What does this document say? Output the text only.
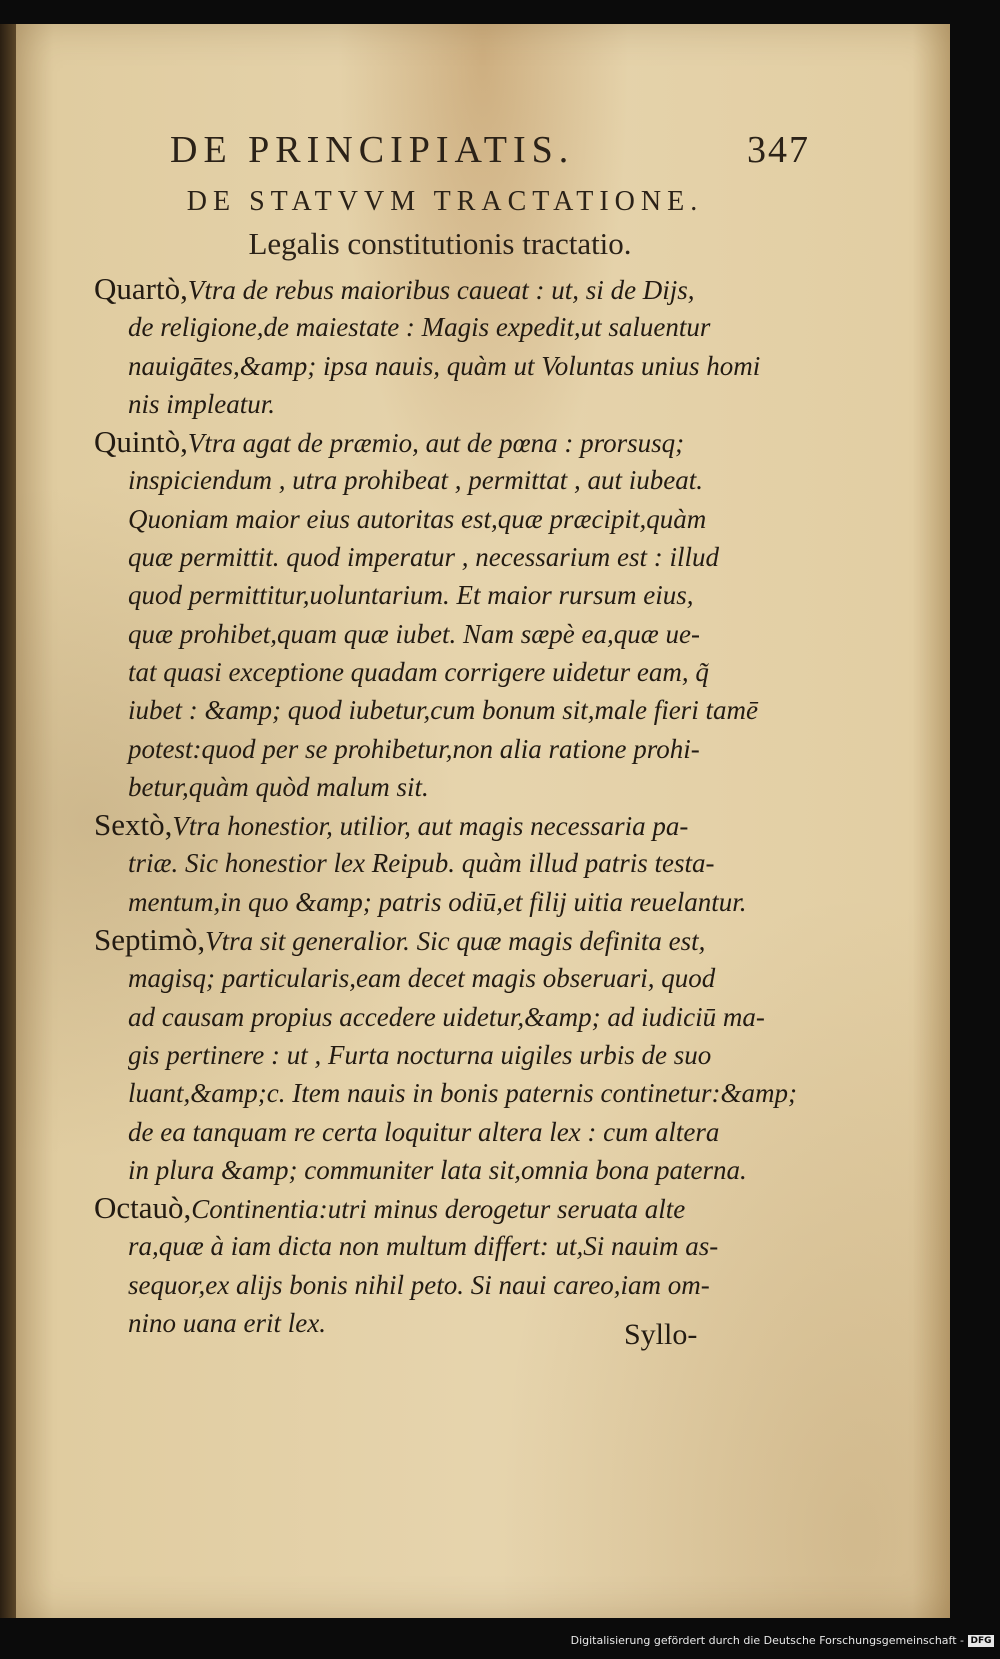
DE PRINCIPIATIS.	347
DE STATVVM TRACTATIONE.
Legalis constitutionis tractatio.
Quartò,Vtra de rebus maioribus caueat : ut, si de Dijs,
de religione,de maiestate : Magis expedit,ut saluentur
nauigātes,&amp; ipsa nauis, quàm ut Voluntas unius homi
nis impleatur.
Quintò,Vtra agat de præmio, aut de pœna : prorsusq;
inspiciendum , utra prohibeat , permittat , aut iubeat.
Quoniam maior eius autoritas est,quæ præcipit,quàm
quæ permittit. quod imperatur , necessarium est : illud
quod permittitur,uoluntarium. Et maior rursum eius,
quæ prohibet,quam quæ iubet. Nam sæpè ea,quæ ue-
tat quasi exceptione quadam corrigere uidetur eam, q̃
iubet : &amp; quod iubetur,cum bonum sit,male fieri tamē
potest:quod per se prohibetur,non alia ratione prohi-
betur,quàm quòd malum sit.
Sextò,Vtra honestior, utilior, aut magis necessaria pa-
triæ. Sic honestior lex Reipub. quàm illud patris testa-
mentum,in quo &amp; patris odiū,et filij uitia reuelantur.
Septimò,Vtra sit generalior. Sic quæ magis definita est,
magisq; particularis,eam decet magis obseruari, quod
ad causam propius accedere uidetur,&amp; ad iudiciū ma-
gis pertinere : ut , Furta nocturna uigiles urbis de suo
luant,&amp;c. Item nauis in bonis paternis continetur:&amp;
de ea tanquam re certa loquitur altera lex : cum altera
in plura &amp; communiter lata sit,omnia bona paterna.
Octauò,Continentia:utri minus derogetur seruata alte
ra,quæ à iam dicta non multum differt: ut,Si nauim as-
sequor,ex alijs bonis nihil peto. Si naui careo,iam om-
nino uana erit lex.	Syllo-
Digitalisierung gefördert durch die Deutsche Forschungsgemeinschaft - DFG
